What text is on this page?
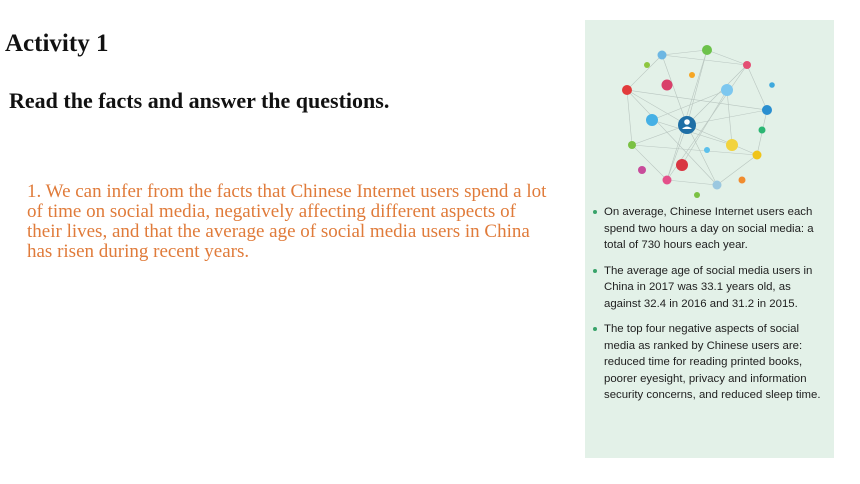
Activity 1
Read the facts and answer the questions.

1. We can infer from the facts that Chinese Internet users spend a lot of time on social media, negatively affecting different aspects of their lives, and that the average age of social media users in China has risen during recent years.

On average, Chinese Internet users each spend two hours a day on social media: a total of 730 hours each year.
The average age of social media users in China in 2017 was 33.1 years old, as against 32.4 in 2016 and 31.2 in 2015.
The top four negative aspects of social media as ranked by Chinese users are: reduced time for reading printed books, poorer eyesight, privacy and information security concerns, and reduced sleep time.
